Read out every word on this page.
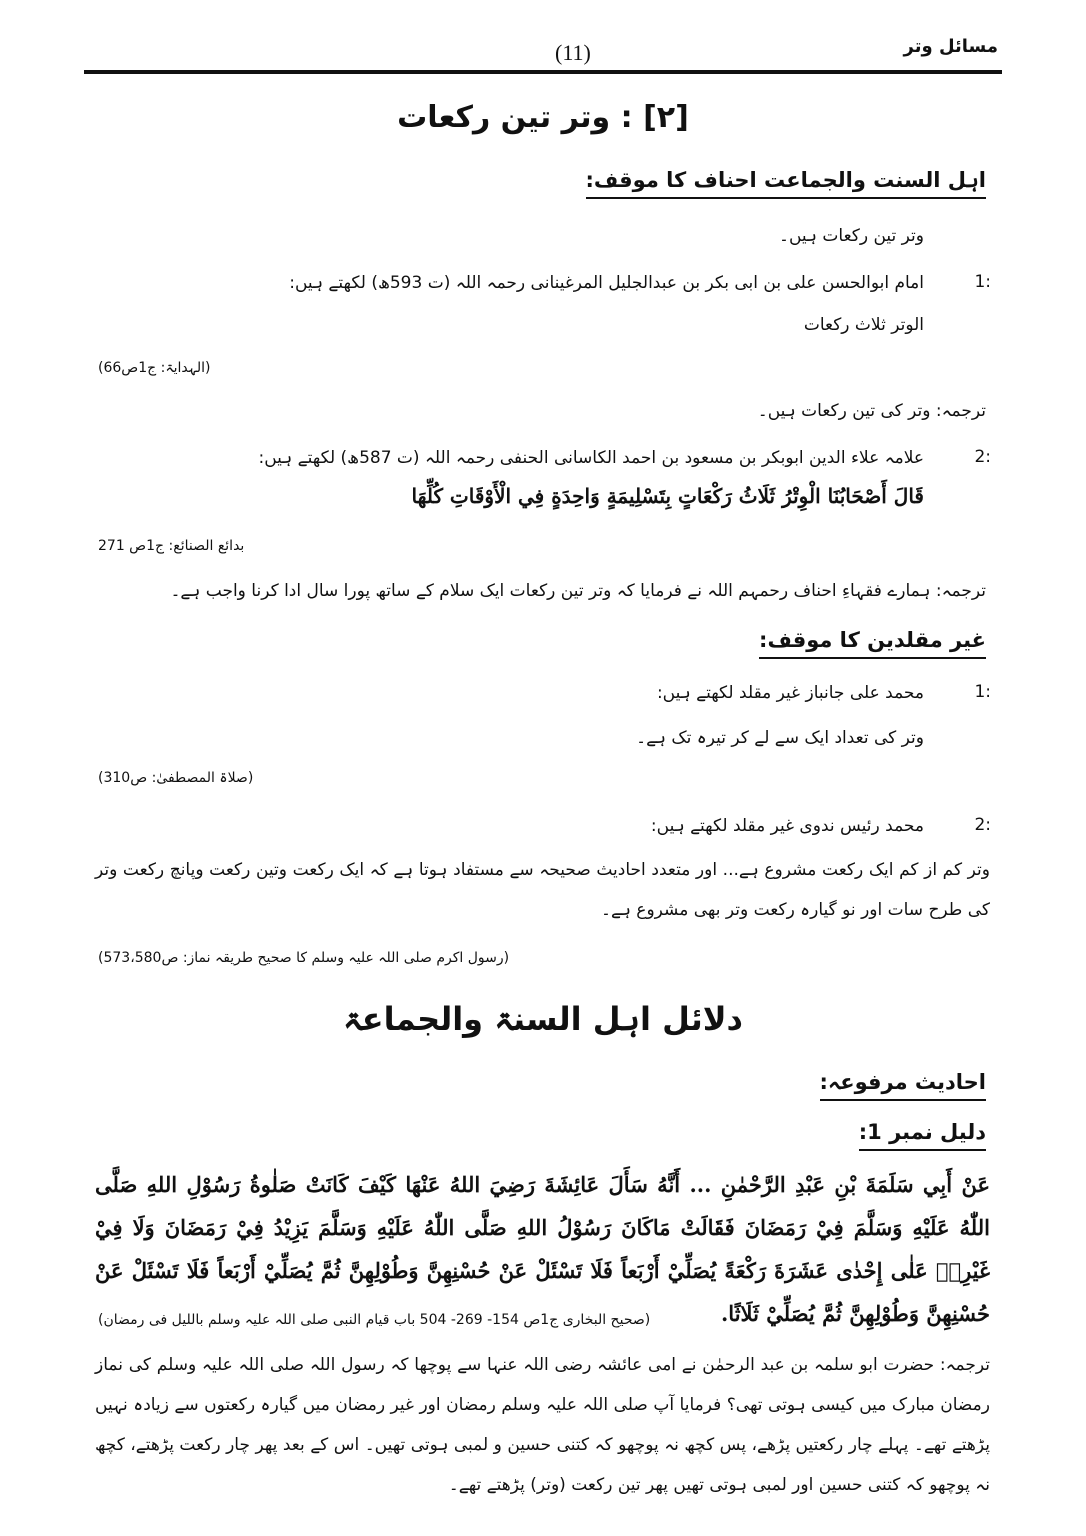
مسائل وتر
(11)
[۲] : وتر تین رکعات
اہل السنت والجماعت احناف کا موقف:
وتر تین رکعات ہیں۔
1:
امام ابوالحسن علی بن ابی بکر بن عبدالجلیل المرغینانی رحمہ اللہ (ت 593ھ) لکھتے ہیں:
الوتر ثلاث رکعات
(الہدایۃ: ج1ص66)
ترجمہ: وتر کی تین رکعات ہیں۔
2:
علامہ علاء الدین ابوبکر بن مسعود بن احمد الکاسانی الحنفی رحمہ اللہ (ت 587ھ) لکھتے ہیں:
قَالَ أَصْحَابُنَا الْوِتْرُ ثَلَاثُ رَكْعَاتٍ بِتَسْلِيمَةٍ وَاحِدَةٍ فِي الْأَوْقَاتِ كُلِّهَا
بدائع الصنائع: ج1ص 271
ترجمہ: ہمارے فقہاءِ احناف رحمہم اللہ نے فرمایا کہ وتر تین رکعات ایک سلام کے ساتھ پورا سال ادا کرنا واجب ہے۔
غیر مقلدین کا موقف:
1:
محمد علی جانباز غیر مقلد لکھتے ہیں:
وتر کی تعداد ایک سے لے کر تیرہ تک ہے۔
(صلاۃ المصطفیٰ: ص310)
2:
محمد رئیس ندوی غیر مقلد لکھتے ہیں:
وتر کم از کم ایک رکعت مشروع ہے... اور متعدد احادیث صحیحہ سے مستفاد ہوتا ہے کہ ایک رکعت وتین رکعت وپانچ رکعت وتر کی طرح سات اور نو گیارہ رکعت وتر بھی مشروع ہے۔
(رسول اکرم صلی اللہ علیہ وسلم کا صحیح طریقہ نماز: ص573،580)
دلائل اہل السنۃ والجماعۃ
احادیث مرفوعہ:
دلیل نمبر 1:
عَنْ أَبِي سَلَمَةَ بْنِ عَبْدِ الرَّحْمٰنِ ... أَنَّهُ سَأَلَ عَائِشَةَ رَضِيَ اللهُ عَنْهَا كَيْفَ كَانَتْ صَلٰوةُ رَسُوْلِ اللهِ صَلَّى اللّٰهُ عَلَيْهِ وَسَلَّمَ فِيْ رَمَضَانَ فَقَالَتْ مَاكَانَ رَسُوْلُ اللهِ صَلَّى اللّٰهُ عَلَيْهِ وَسَلَّمَ يَزِيْدُ فِيْ رَمَضَانَ وَلَا فِيْ غَيْرِهٖ عَلٰى إِحْدٰى عَشَرَةَ رَكْعَةً يُصَلِّيْ أَرْبَعاً فَلَا تَسْئَلْ عَنْ حُسْنِهِنَّ وَطُوْلِهِنَّ ثُمَّ يُصَلِّيْ أَرْبَعاً فَلَا تَسْئَلْ عَنْ حُسْنِهِنَّ وَطُوْلِهِنَّ ثُمَّ يُصَلِّيْ ثَلَاثًا.
(صحیح البخاری ج1ص 154- 269- 504 باب قیام النبی صلی اللہ علیہ وسلم باللیل فی رمضان)
ترجمہ: حضرت ابو سلمہ بن عبد الرحمٰن نے امی عائشہ رضی اللہ عنہا سے پوچھا کہ رسول اللہ صلی اللہ علیہ وسلم کی نماز رمضان مبارک میں کیسی ہوتی تھی؟ فرمایا آپ صلی اللہ علیہ وسلم رمضان اور غیر رمضان میں گیارہ رکعتوں سے زیادہ نہیں پڑھتے تھے۔ پہلے چار رکعتیں پڑھے، پس کچھ نہ پوچھو کہ کتنی حسین و لمبی ہوتی تھیں۔ اس کے بعد پھر چار رکعت پڑھتے، کچھ نہ پوچھو کہ کتنی حسین اور لمبی ہوتی تھیں پھر تین رکعت (وتر) پڑھتے تھے۔
